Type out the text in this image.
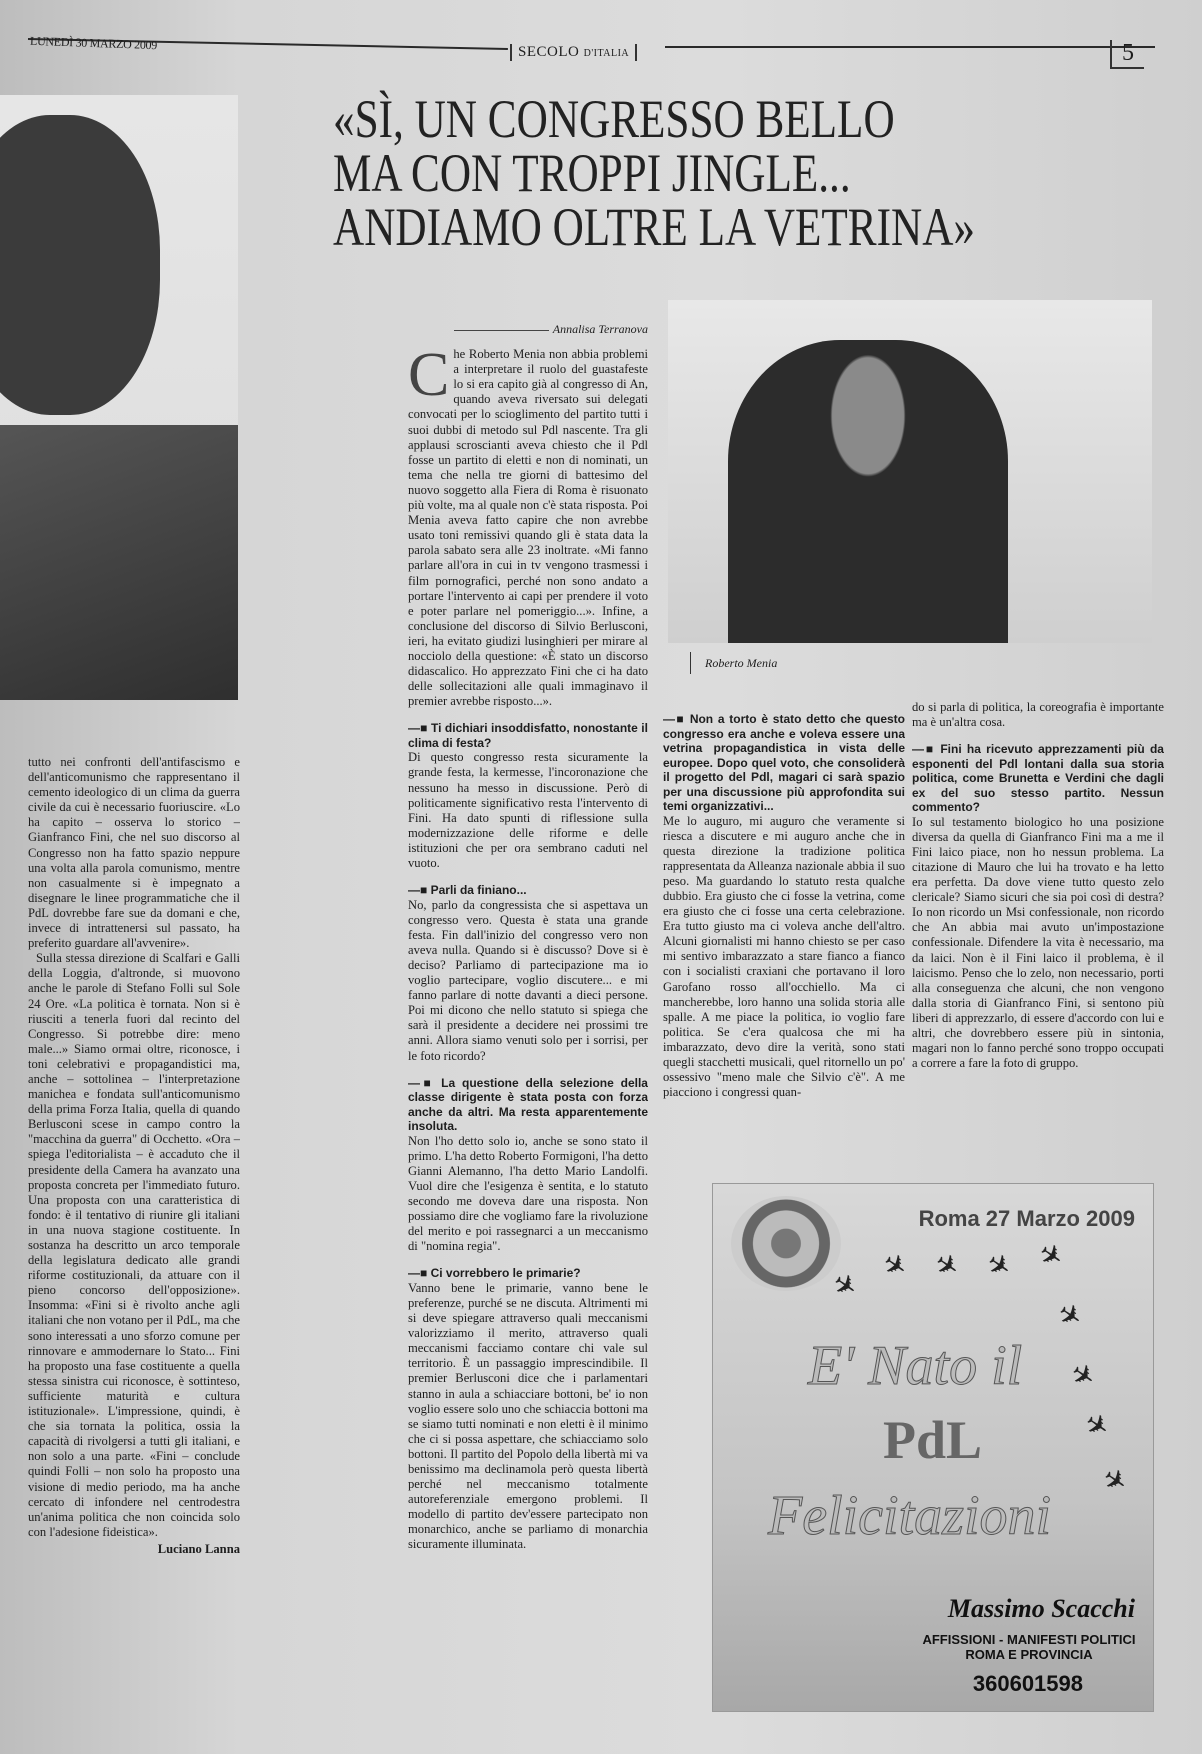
LUNEDÌ 30 MARZO 2009	SECOLO D'ITALIA	5
«SÌ, UN CONGRESSO BELLO
MA CON TROPPI JINGLE...
ANDIAMO OLTRE LA VETRINA»
Roberto Menia

tutto nei confronti dell'antifascismo e dell'anticomunismo che rappresentano il cemento ideologico di un clima da guerra civile da cui è necessario fuoriuscire. «Lo ha capito – osserva lo storico – Gianfranco Fini, che nel suo discorso al Congresso non ha fatto spazio neppure una volta alla parola comunismo, mentre non casualmente si è impegnato a disegnare le linee programmatiche che il PdL dovrebbe fare sue da domani e che, invece di intrattenersi sul passato, ha preferito guardare all'avvenire».

Sulla stessa direzione di Scalfari e Galli della Loggia, d'altronde, si muovono anche le parole di Stefano Folli sul Sole 24 Ore. «La politica è tornata. Non si è riusciti a tenerla fuori dal recinto del Congresso. Si potrebbe dire: meno male...» Siamo ormai oltre, riconosce, i toni celebrativi e propagandistici ma, anche – sottolinea – l'interpretazione manichea e fondata sull'anticomunismo della prima Forza Italia, quella di quando Berlusconi scese in campo contro la "macchina da guerra" di Occhetto. «Ora – spiega l'editorialista – è accaduto che il presidente della Camera ha avanzato una proposta concreta per l'immediato futuro. Una proposta con una caratteristica di fondo: è il tentativo di riunire gli italiani in una nuova stagione costituente. In sostanza ha descritto un arco temporale della legislatura dedicato alle grandi riforme costituzionali, da attuare con il pieno concorso dell'opposizione». Insomma: «Fini si è rivolto anche agli italiani che non votano per il PdL, ma che sono interessati a uno sforzo comune per rinnovare e ammodernare lo Stato... Fini ha proposto una fase costituente a quella stessa sinistra cui riconosce, è sottinteso, sufficiente maturità e cultura istituzionale». L'impressione, quindi, è che sia tornata la politica, ossia la capacità di rivolgersi a tutti gli italiani, e non solo a una parte. «Fini – conclude quindi Folli – non solo ha proposto una visione di medio periodo, ma ha anche cercato di infondere nel centrodestra un'anima politica che non coincida solo con l'adesione fideistica».

Luciano Lanna
Annalisa Terranova
C he Roberto Menia non abbia problemi a interpretare il ruolo del guastafeste lo si era capito già al congresso di An, quando aveva riversato sui delegati convocati per lo scioglimento del partito tutti i suoi dubbi di metodo sul Pdl nascente. Tra gli applausi scroscianti aveva chiesto che il Pdl fosse un partito di eletti e non di nominati, un tema che nella tre giorni di battesimo del nuovo soggetto alla Fiera di Roma è risuonato più volte, ma al quale non c'è stata risposta. Poi Menia aveva fatto capire che non avrebbe usato toni remissivi quando gli è stata data la parola sabato sera alle 23 inoltrate. «Mi fanno parlare all'ora in cui in tv vengono trasmessi i film pornografici, perché non sono andato a portare l'intervento ai capi per prendere il voto e poter parlare nel pomeriggio...». Infine, a conclusione del discorso di Silvio Berlusconi, ieri, ha evitato giudizi lusinghieri per mirare al nocciolo della questione: «È stato un discorso didascalico. Ho apprezzato Fini che ci ha dato delle sollecitazioni alle quali immaginavo il premier avrebbe risposto...».

—■ Ti dichiari insoddisfatto, nonostante il clima di festa?

Di questo congresso resta sicuramente la grande festa, la kermesse, l'incoronazione che nessuno ha messo in discussione. Però di politicamente significativo resta l'intervento di Fini. Ha dato spunti di riflessione sulla modernizzazione delle riforme e delle istituzioni che per ora sembrano caduti nel vuoto.

—■ Parli da finiano...

No, parlo da congressista che si aspettava un congresso vero. Questa è stata una grande festa. Fin dall'inizio del congresso vero non aveva nulla. Quando si è discusso? Dove si è deciso? Parliamo di partecipazione ma io voglio partecipare, voglio discutere... e mi fanno parlare di notte davanti a dieci persone. Poi mi dicono che nello statuto si spiega che sarà il presidente a decidere nei prossimi tre anni. Allora siamo venuti solo per i sorrisi, per le foto ricordo?

—■ La questione della selezione della classe dirigente è stata posta con forza anche da altri. Ma resta apparentemente insoluta.

Non l'ho detto solo io, anche se sono stato il primo. L'ha detto Roberto Formigoni, l'ha detto Gianni Alemanno, l'ha detto Mario Landolfi. Vuol dire che l'esigenza è sentita, e lo statuto secondo me doveva dare una risposta. Non possiamo dire che vogliamo fare la rivoluzione del merito e poi rassegnarci a un meccanismo di "nomina regia".

—■ Ci vorrebbero le primarie?

Vanno bene le primarie, vanno bene le preferenze, purché se ne discuta. Altrimenti mi si deve spiegare attraverso quali meccanismi valorizziamo il merito, attraverso quali meccanismi facciamo contare chi vale sul territorio. È un passaggio imprescindibile. Il premier Berlusconi dice che i parlamentari stanno in aula a schiacciare bottoni, be' io non voglio essere solo uno che schiaccia bottoni ma se siamo tutti nominati e non eletti è il minimo che ci si possa aspettare, che schiacciamo solo bottoni. Il partito del Popolo della libertà mi va benissimo ma declinamola però questa libertà perché nel meccanismo totalmente autoreferenziale emergono problemi. Il modello di partito dev'essere partecipato non monarchico, anche se parliamo di monarchia sicuramente illuminata.

—■ Non a torto è stato detto che questo congresso era anche e voleva essere una vetrina propagandistica in vista delle europee. Dopo quel voto, che consoliderà il progetto del Pdl, magari ci sarà spazio per una discussione più approfondita sui temi organizzativi...

Me lo auguro, mi auguro che veramente si riesca a discutere e mi auguro anche che in questa direzione la tradizione politica rappresentata da Alleanza nazionale abbia il suo peso. Ma guardando lo statuto resta qualche dubbio. Era giusto che ci fosse la vetrina, come era giusto che ci fosse una certa celebrazione. Era tutto giusto ma ci voleva anche dell'altro. Alcuni giornalisti mi hanno chiesto se per caso mi sentivo imbarazzato a stare fianco a fianco con i socialisti craxiani che portavano il loro Garofano rosso all'occhiello. Ma ci mancherebbe, loro hanno una solida storia alle spalle. A me piace la politica, io voglio fare politica. Se c'era qualcosa che mi ha imbarazzato, devo dire la verità, sono stati quegli stacchetti musicali, quel ritornello un po' ossessivo "meno male che Silvio c'è". A me piacciono i congressi quan-

do si parla di politica, la coreografia è importante ma è un'altra cosa.

—■ Fini ha ricevuto apprezzamenti più da esponenti del Pdl lontani dalla sua storia politica, come Brunetta e Verdini che dagli ex del suo stesso partito. Nessun commento?

Io sul testamento biologico ho una posizione diversa da quella di Gianfranco Fini ma a me il Fini laico piace, non ho nessun problema. La citazione di Mauro che lui ha trovato e ha letto era perfetta. Da dove viene tutto questo zelo clericale? Siamo sicuri che sia poi così di destra? Io non ricordo un Msi confessionale, non ricordo che An abbia mai avuto un'impostazione confessionale. Difendere la vita è necessario, ma da laici. Non è il Fini laico il problema, è il laicismo. Penso che lo zelo, non necessario, porti alla conseguenza che alcuni, che non vengono dalla storia di Gianfranco Fini, si sentono più liberi di apprezzarlo, di essere d'accordo con lui e altri, che dovrebbero essere più in sintonia, magari non lo fanno perché sono troppo occupati a correre a fare la foto di gruppo.

Roma 27 Marzo 2009
✈
✈ ✈ ✈ ✈
✈
✈
✈
✈
E' Nato il
PdL
Felicitazioni
Massimo Scacchi
AFFISSIONI - MANIFESTI POLITICI
ROMA E PROVINCIA
360601598
